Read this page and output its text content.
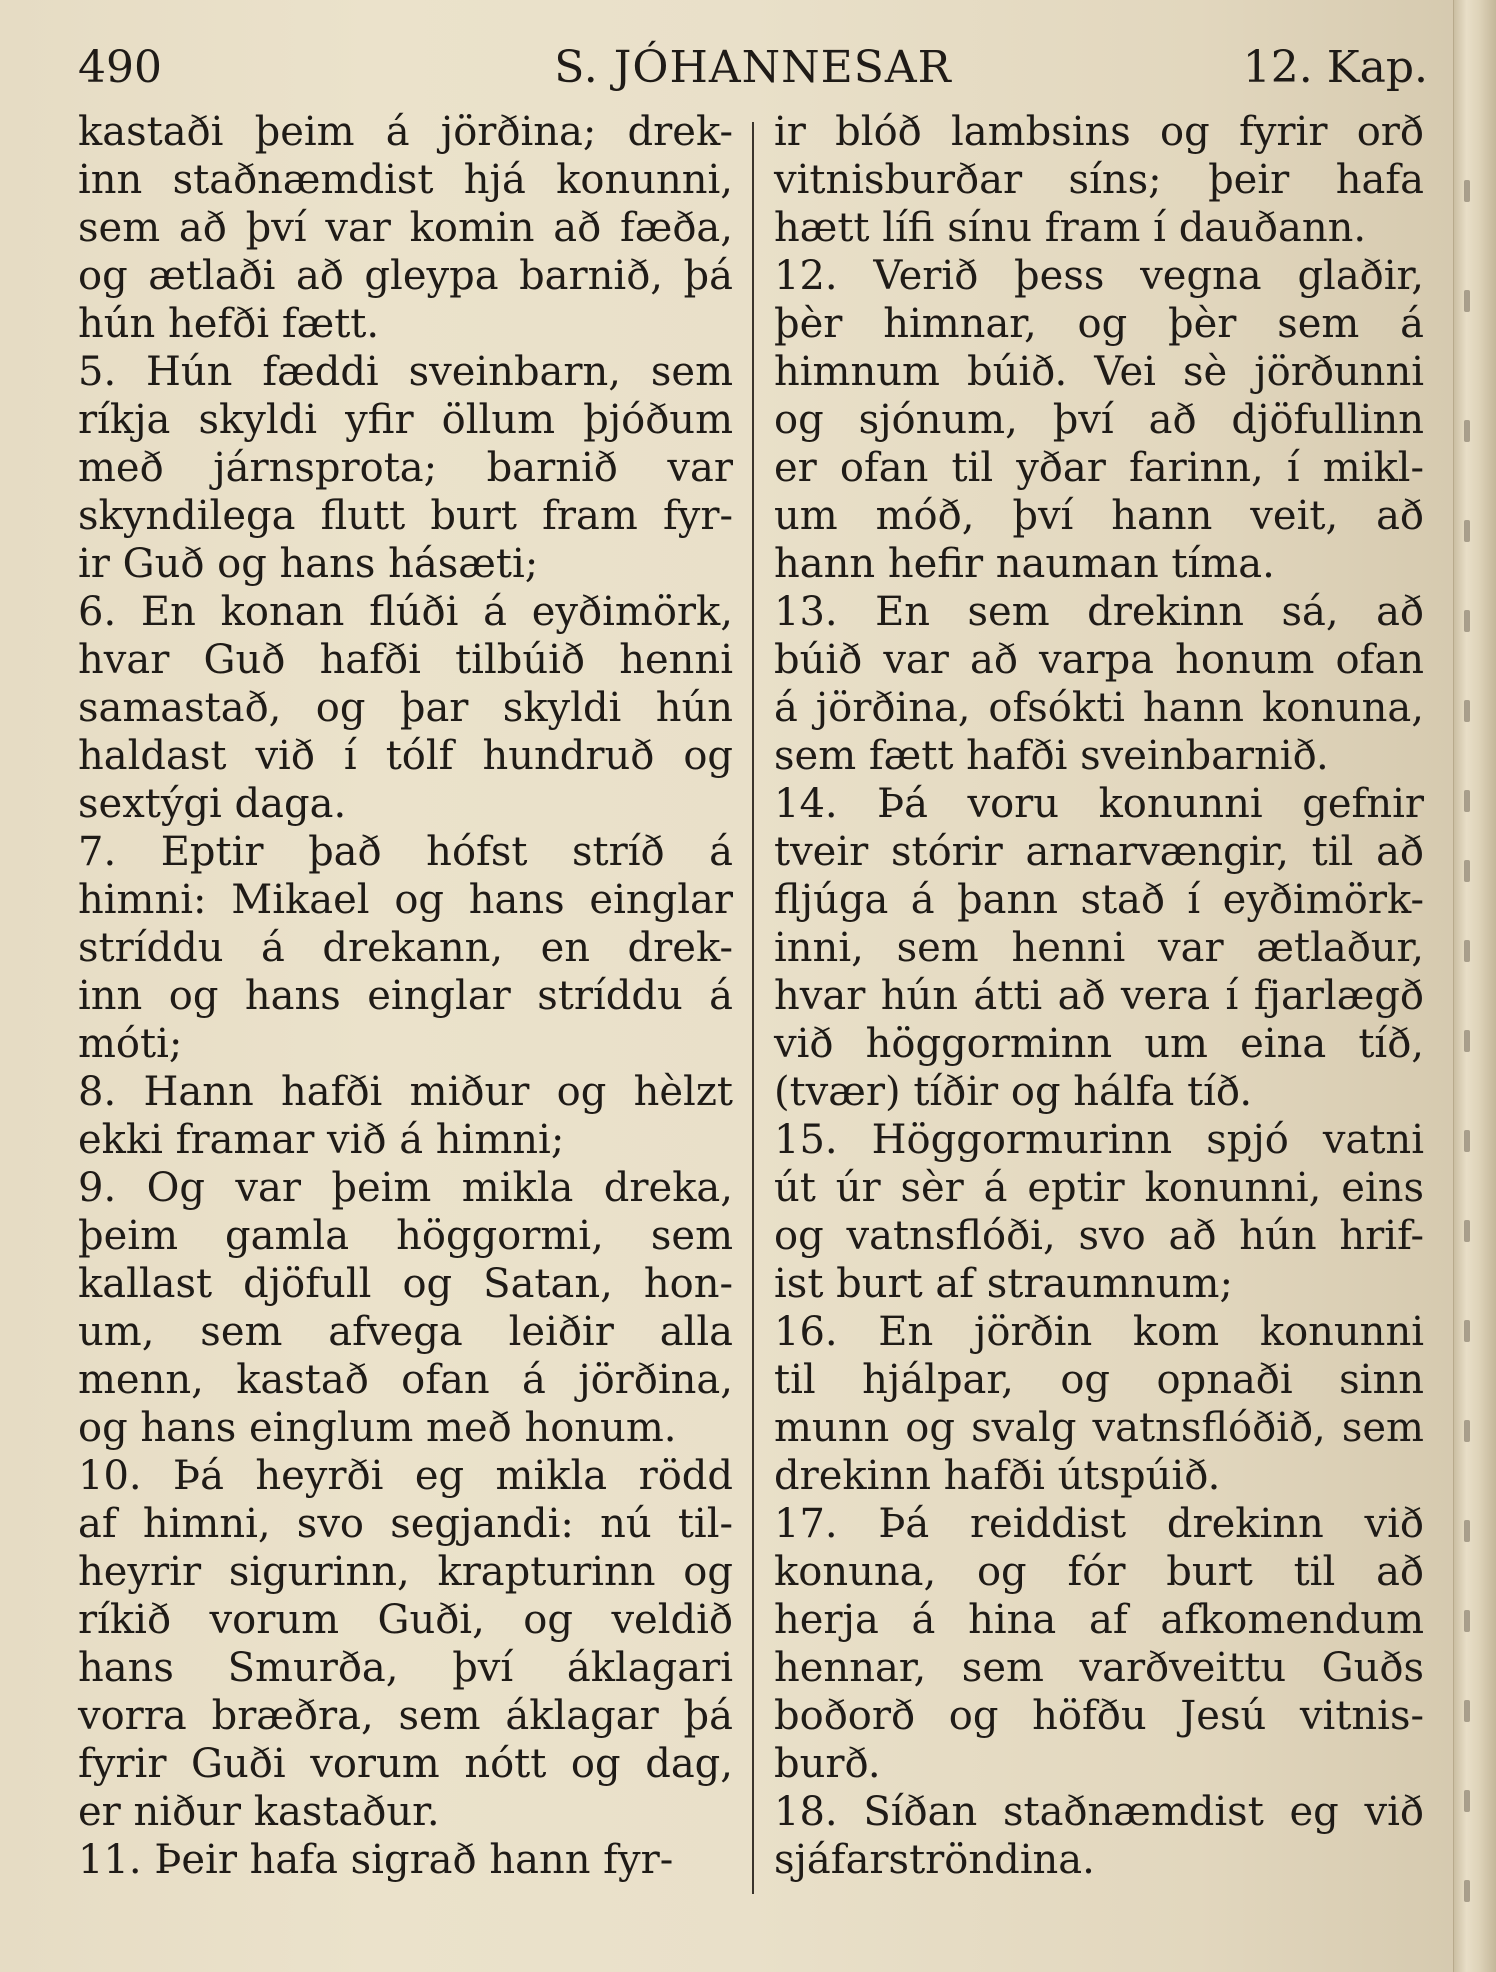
490	S. JÓHANNESAR	12. Kap.
kastaði þeim á jörðina; drek-
inn staðnæmdist hjá konunni,
sem að því var komin að fæða,
og ætlaði að gleypa barnið, þá
hún hefði fætt.
5. Hún fæddi sveinbarn, sem
ríkja skyldi yfir öllum þjóðum
með járnsprota; barnið var
skyndilega flutt burt fram fyr-
ir Guð og hans hásæti;
6. En konan flúði á eyðimörk,
hvar Guð hafði tilbúið henni
samastað, og þar skyldi hún
haldast við í tólf hundruð og
sextýgi daga.
7. Eptir það hófst stríð á
himni: Mikael og hans einglar
stríddu á drekann, en drek-
inn og hans einglar stríddu á
móti;
8. Hann hafði miður og hèlzt
ekki framar við á himni;
9. Og var þeim mikla dreka,
þeim gamla höggormi, sem
kallast djöfull og Satan, hon-
um, sem afvega leiðir alla
menn, kastað ofan á jörðina,
og hans einglum með honum.
10. Þá heyrði eg mikla rödd
af himni, svo segjandi: nú til-
heyrir sigurinn, krapturinn og
ríkið vorum Guði, og veldið
hans Smurða, því áklagari
vorra bræðra, sem áklagar þá
fyrir Guði vorum nótt og dag,
er niður kastaður.
11. Þeir hafa sigrað hann fyr-
ir blóð lambsins og fyrir orð
vitnisburðar síns; þeir hafa
hætt lífi sínu fram í dauðann.
12. Verið þess vegna glaðir,
þèr himnar, og þèr sem á
himnum búið. Vei sè jörðunni
og sjónum, því að djöfullinn
er ofan til yðar farinn, í mikl-
um móð, því hann veit, að
hann hefir nauman tíma.
13. En sem drekinn sá, að
búið var að varpa honum ofan
á jörðina, ofsókti hann konuna,
sem fætt hafði sveinbarnið.
14. Þá voru konunni gefnir
tveir stórir arnarvængir, til að
fljúga á þann stað í eyðimörk-
inni, sem henni var ætlaður,
hvar hún átti að vera í fjarlægð
við höggorminn um eina tíð,
(tvær) tíðir og hálfa tíð.
15. Höggormurinn spjó vatni
út úr sèr á eptir konunni, eins
og vatnsflóði, svo að hún hrif-
ist burt af straumnum;
16. En jörðin kom konunni
til hjálpar, og opnaði sinn
munn og svalg vatnsflóðið, sem
drekinn hafði útspúið.
17. Þá reiddist drekinn við
konuna, og fór burt til að
herja á hina af afkomendum
hennar, sem varðveittu Guðs
boðorð og höfðu Jesú vitnis-
burð.
18. Síðan staðnæmdist eg við
sjáfarströndina.
